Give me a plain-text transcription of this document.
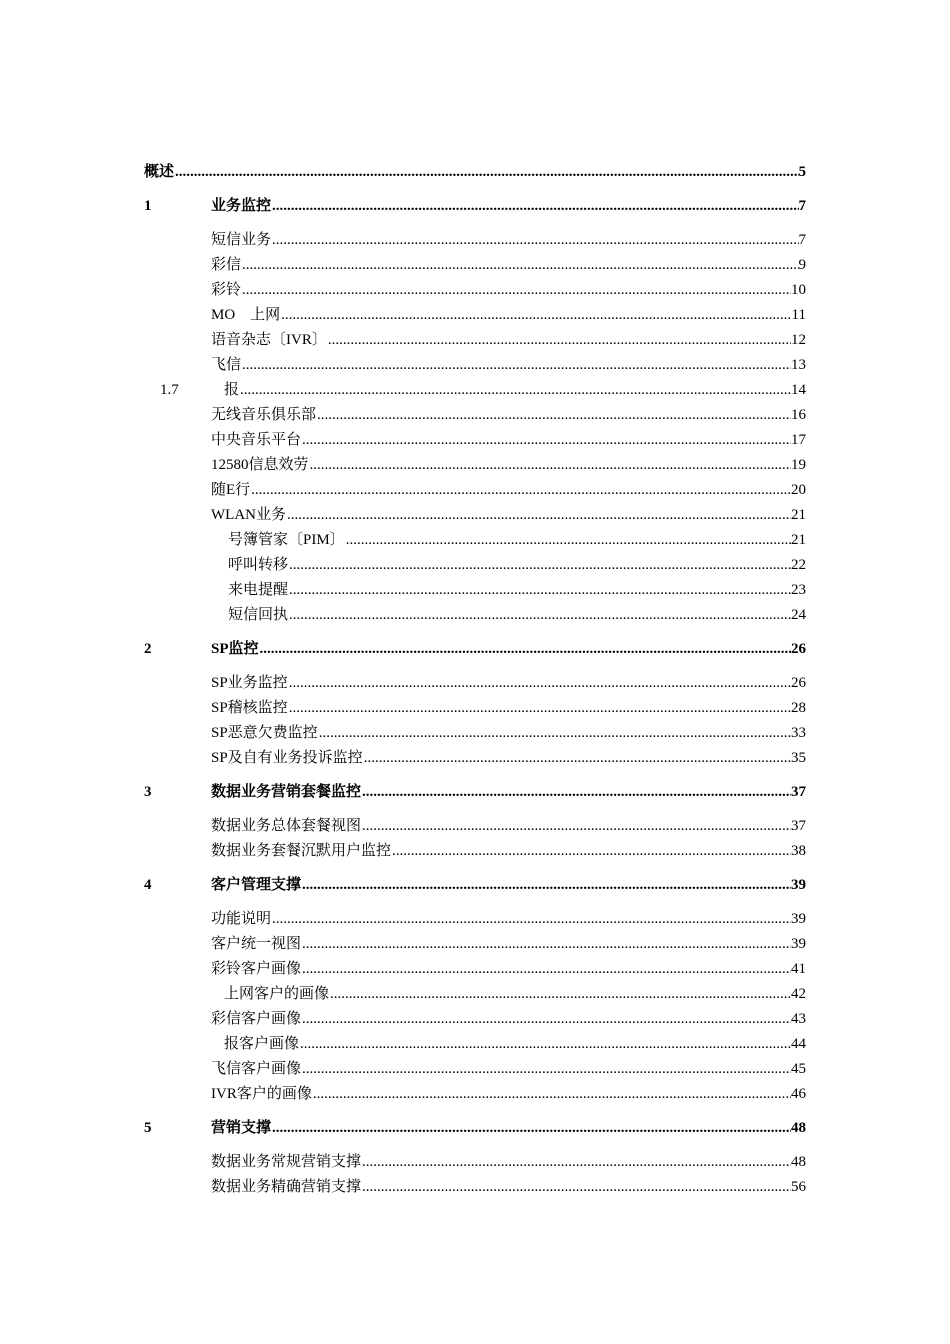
概述 .....	5
1	业务监控 .....	7
短信业务 .....	7
彩信 .....	9
彩铃 .....	10
MO　上网 .....	11
语音杂志〔IVR〕 .....	12
飞信 .....	13
1.7	报 .....	14
无线音乐俱乐部 .....	16
中央音乐平台 .....	17
12580信息效劳 .....	19
随E行 .....	20
WLAN业务 .....	21
号簿管家〔PIM〕 .....	21
呼叫转移 .....	22
来电提醒 .....	23
短信回执 .....	24
2	SP监控 .....	26
SP业务监控 .....	26
SP稽核监控 .....	28
SP恶意欠费监控 .....	33
SP及自有业务投诉监控 .....	35
3	数据业务营销套餐监控 .....	37
数据业务总体套餐视图 .....	37
数据业务套餐沉默用户监控 .....	38
4	客户管理支撑 .....	39
功能说明 .....	39
客户统一视图 .....	39
彩铃客户画像 .....	41
上网客户的画像 .....	42
彩信客户画像 .....	43
报客户画像 .....	44
飞信客户画像 .....	45
IVR客户的画像 .....	46
5	营销支撑 .....	48
数据业务常规营销支撑 .....	48
数据业务精确营销支撑 .....	56
